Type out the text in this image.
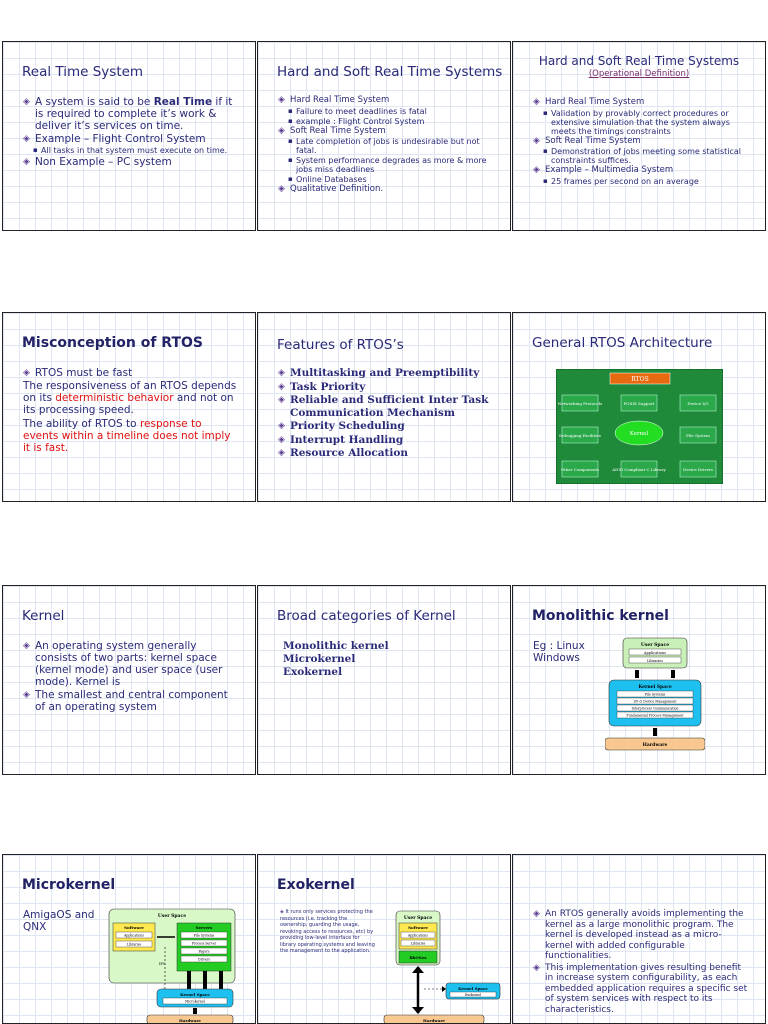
Real Time System
◈ A system is said to be Real Time if it is required to complete it’s work & deliver it’s services on time.
◈ Example – Flight Control System
▪ All tasks in that system must execute on time.
◈ Non Example – PC system
Hard and Soft Real Time Systems
◈ Hard Real Time System
▪ Failure to meet deadlines is fatal
▪ example : Flight Control System
◈ Soft Real Time System
▪ Late completion of jobs is undesirable but not fatal.
▪ System performance degrades as more & more jobs miss deadlines
▪ Online Databases
◈ Qualitative Definition.
Hard and Soft Real Time Systems
(Operational Definition)
◈ Hard Real Time System
▪ Validation by provably correct procedures or extensive simulation that the system always meets the timings constraints
◈ Soft Real Time System
▪ Demonstration of jobs meeting some statistical constraints suffices.
◈ Example – Multimedia System
▪ 25 frames per second on an average
Misconception of RTOS
◈ RTOS must be fast
The responsiveness of an RTOS depends on its deterministic behavior and not on its processing speed.
The ability of RTOS to response to events within a timeline does not imply it is fast.
Features of RTOS’s
◈ Multitasking and Preemptibility
◈ Task Priority
◈ Reliable and Sufficient Inter Task Communication Mechanism
◈ Priority Scheduling
◈ Interrupt Handling
◈ Resource Allocation
General RTOS Architecture
RTOS
Kernel
Networking Protocols	POSIX Support	Device I/O
Debugging Facilities	File System
Other Components	ANSI Compliant C Library	Device Drivers
Kernel
◈ An operating system generally consists of two parts: kernel space (kernel mode) and user space (user mode). Kernel is
◈ The smallest and central component of an operating system
Broad categories of Kernel
Monolithic kernel
Microkernel
Exokernel
Monolithic kernel
Eg : Linux
Windows
User Space
Applications
Libraries
Kernel Space
File Systems
I/O & Device Management
Interprocess Communication
Fundamental Process Management
Hardware
Microkernel
AmigaOS and
QNX
User Space
Software
Applications
Libraries
Servers
File Systems
Process Server
Pagers
Drivers
IPC
Kernel Space
Microkernel
Hardware
Exokernel
◈ It runs only services protecting the resources (i.e. tracking the ownership, guarding the usage, revoking access to resources, etc) by providing low-level interface for library operating systems and leaving the management to the application.
User Space
Software
Applications
Libraries
libOSes
Kernel Space
Exokernel
Hardware
◈ An RTOS generally avoids implementing the kernel as a large monolithic program. The kernel is developed instead as a micro-kernel with added configurable functionalities.
◈ This implementation gives resulting benefit in increase system configurability, as each embedded application requires a specific set of system services with respect to its characteristics.
